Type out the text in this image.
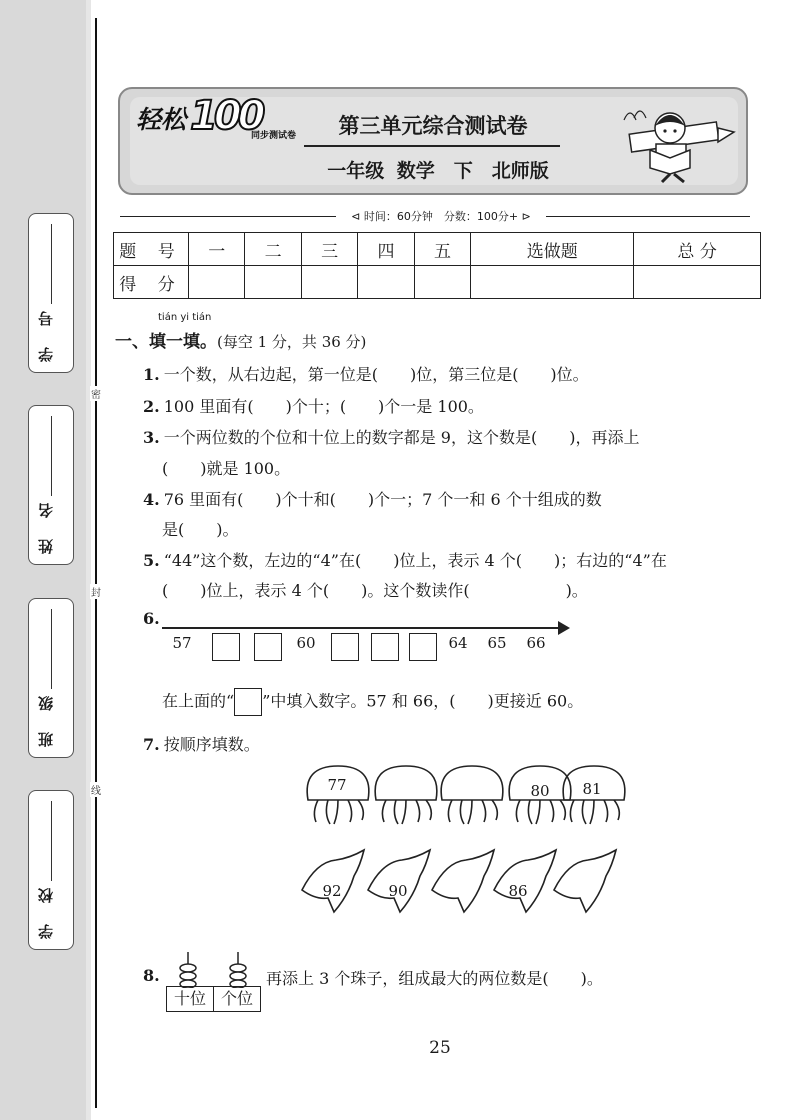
学 号
姓 名
班 级
学 校
密
封
线
轻松 100
同步测试卷	第三单元综合测试卷
一年级 数学　下　北师版
⊲ 时间：60分钟　分数：100分+ ⊳
题 号	一	二	三	四	五	选做题	总 分
得 分							
tián yi tián
一、填一填。(每空 1 分，共 36 分)
1. 一个数，从右边起，第一位是(　　)位，第三位是(　　)位。
2. 100 里面有(　　)个十；(　　)个一是 100。
3. 一个两位数的个位和十位上的数字都是 9，这个数是(　　)，再添上
(　　)就是 100。
4. 76 里面有(　　)个十和(　　)个一；7 个一和 6 个十组成的数
是(　　)。
5. “44”这个数，左边的“4”在(　　)位上，表示 4 个(　　)；右边的“4”在
(　　)位上，表示 4 个(　　)。这个数读作(　　　　　　)。
6.
57	60	64	65	66
在上面的“ ”中填入数字。57 和 66，(　　)更接近 60。
7. 按顺序填数。
77	80	81
92	90	86
8.
十位 个位
再添上 3 个珠子，组成最大的两位数是(　　)。
25
